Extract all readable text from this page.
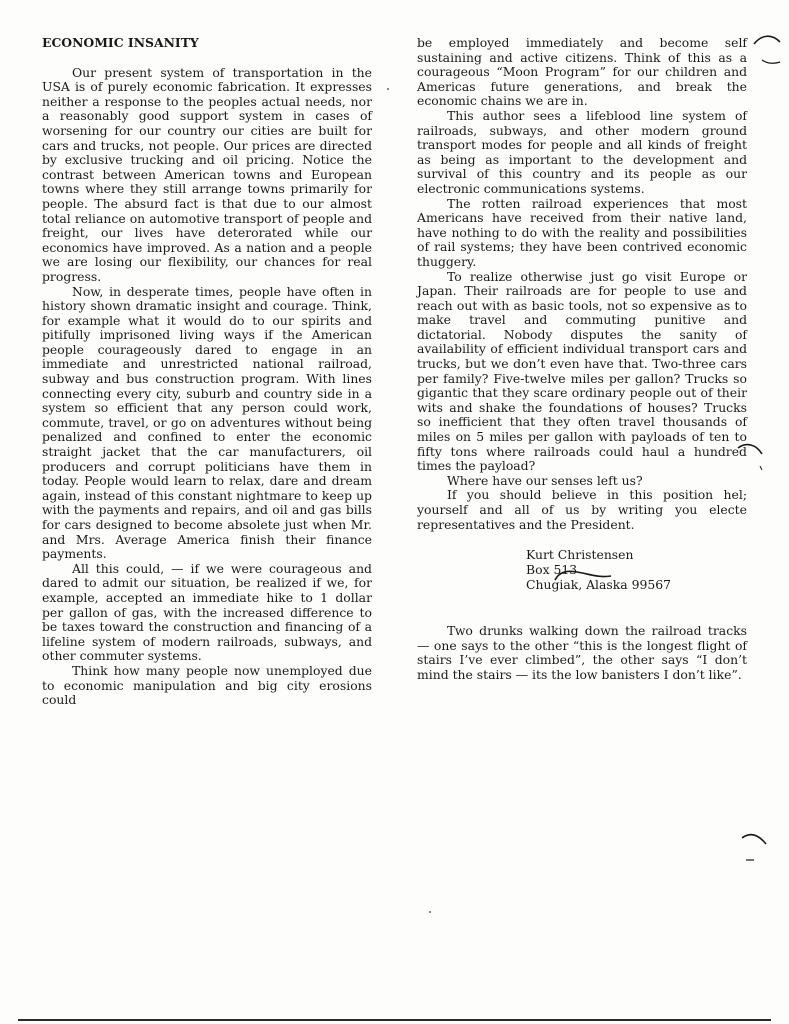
ECONOMIC INSANITY

Our present system of transportation in the USA is of purely economic fabrication. It expresses neither a response to the peoples actual needs, nor a reasonably good support system in cases of worsening for our country our cities are built for cars and trucks, not people. Our prices are directed by exclusive trucking and oil pricing. Notice the contrast between American towns and European towns where they still arrange towns primarily for people. The absurd fact is that due to our almost total reliance on automotive transport of people and freight, our lives have deterorated while our economics have improved. As a nation and a people we are losing our flexibility, our chances for real progress.

Now, in desperate times, people have often in history shown dramatic insight and courage. Think, for example what it would do to our spirits and pitifully imprisoned living ways if the American people courageously dared to engage in an immediate and unrestricted national railroad, subway and bus construction program. With lines connecting every city, suburb and country side in a system so efficient that any person could work, commute, travel, or go on adventures without being penalized and confined to enter the economic straight jacket that the car manufacturers, oil producers and corrupt politicians have them in today. People would learn to relax, dare and dream again, instead of this constant nightmare to keep up with the payments and repairs, and oil and gas bills for cars designed to become absolete just when Mr. and Mrs. Average America finish their finance payments.

All this could, — if we were courageous and dared to admit our situation, be realized if we, for example, accepted an immediate hike to 1 dollar per gallon of gas, with the increased difference to be taxes toward the construction and financing of a lifeline system of modern railroads, subways, and other commuter systems.

Think how many people now unemployed due to economic manipulation and big city erosions could

be employed immediately and become self sustaining and active citizens. Think of this as a courageous “Moon Program” for our children and Americas future generations, and break the economic chains we are in.

This author sees a lifeblood line system of railroads, subways, and other modern ground transport modes for people and all kinds of freight as being as important to the development and survival of this country and its people as our electronic communications systems.

The rotten railroad experiences that most Americans have received from their native land, have nothing to do with the reality and possibilities of rail systems; they have been contrived economic thuggery.

To realize otherwise just go visit Europe or Japan. Their railroads are for people to use and reach out with as basic tools, not so expensive as to make travel and commuting punitive and dictatorial. Nobody disputes the sanity of availability of efficient individual transport cars and trucks, but we don’t even have that. Two-three cars per family? Five-twelve miles per gallon? Trucks so gigantic that they scare ordinary people out of their wits and shake the foundations of houses? Trucks so inefficient that they often travel thousands of miles on 5 miles per gallon with payloads of ten to fifty tons where railroads could haul a hundred times the payload?

Where have our senses left us?

If you should believe in this position hel; yourself and all of us by writing you electe representatives and the President.

Kurt Christensen
Box 513
Chugiak, Alaska 99567

Two drunks walking down the railroad tracks — one says to the other “this is the longest flight of stairs I’ve ever climbed”, the other says “I don’t mind the stairs — its the low banisters I don’t like”.
